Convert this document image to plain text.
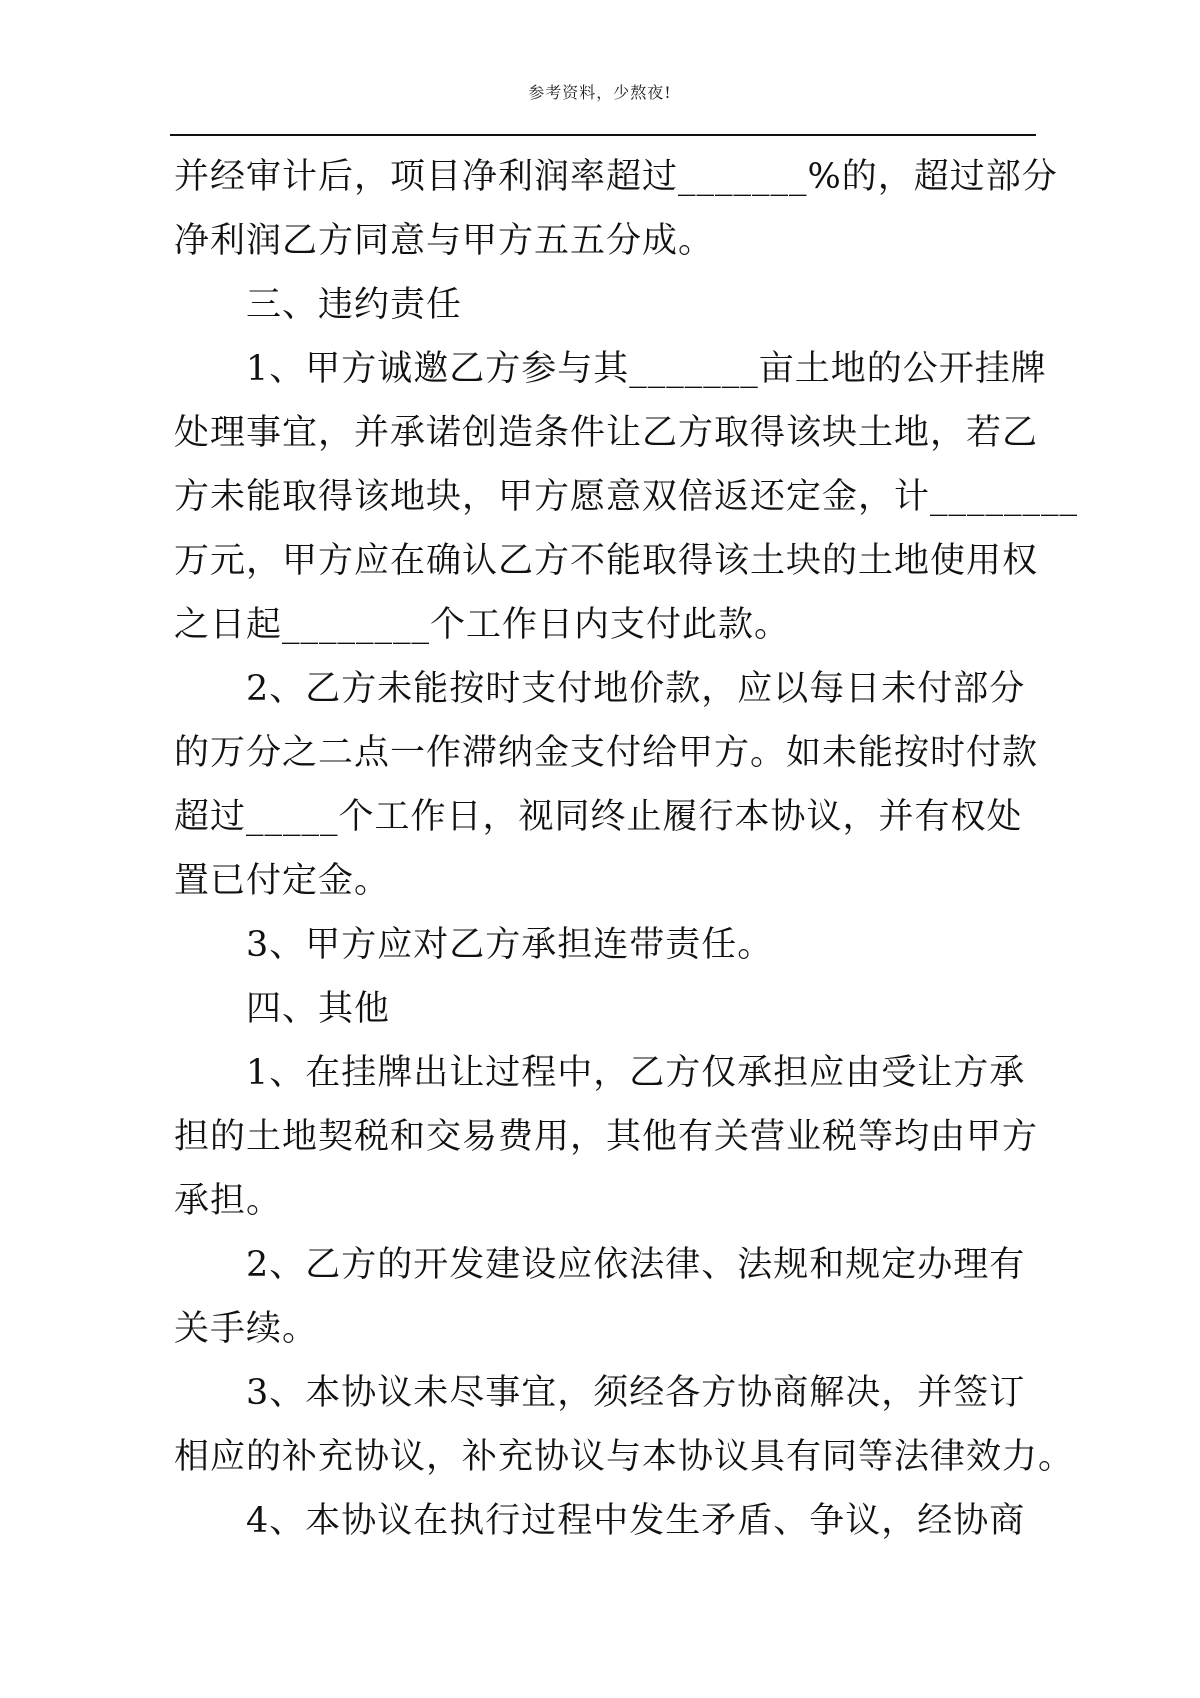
参考资料，少熬夜!
并经审计后，项目净利润率超过_______%的，超过部分
净利润乙方同意与甲方五五分成。
三、违约责任
1、甲方诚邀乙方参与其_______亩土地的公开挂牌
处理事宜，并承诺创造条件让乙方取得该块土地，若乙
方未能取得该地块，甲方愿意双倍返还定金，计________
万元，甲方应在确认乙方不能取得该土块的土地使用权
之日起________个工作日内支付此款。
2、乙方未能按时支付地价款，应以每日未付部分
的万分之二点一作滞纳金支付给甲方。如未能按时付款
超过_____个工作日，视同终止履行本协议，并有权处
置已付定金。
3、甲方应对乙方承担连带责任。
四、其他
1、在挂牌出让过程中，乙方仅承担应由受让方承
担的土地契税和交易费用，其他有关营业税等均由甲方
承担。
2、乙方的开发建设应依法律、法规和规定办理有
关手续。
3、本协议未尽事宜，须经各方协商解决，并签订
相应的补充协议，补充协议与本协议具有同等法律效力。
4、本协议在执行过程中发生矛盾、争议，经协商
